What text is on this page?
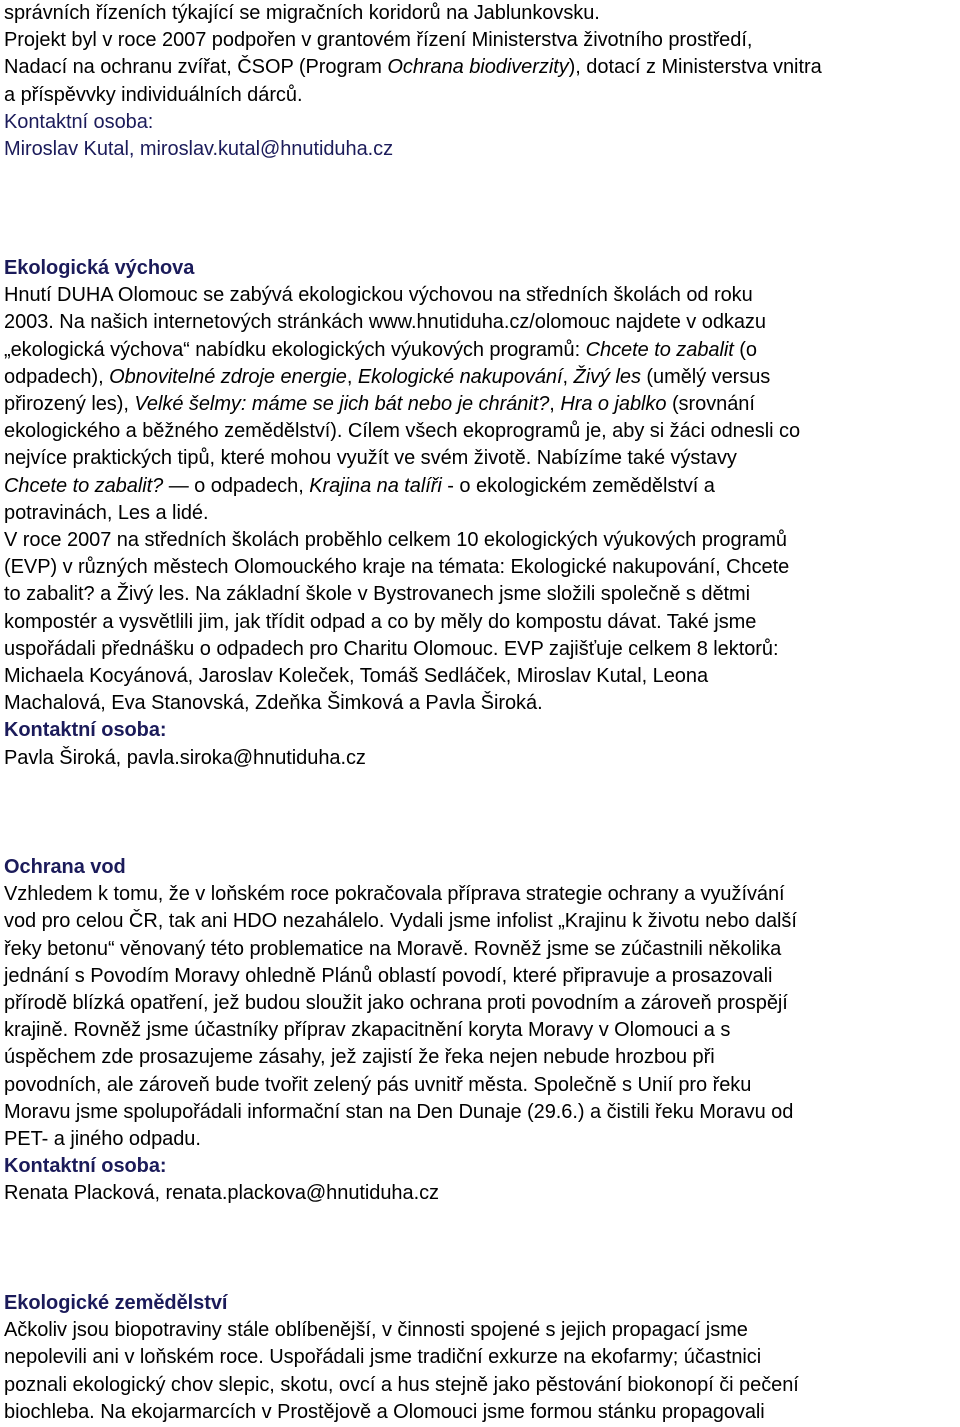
správních řízeních týkající se migračních koridorů na Jablunkovsku.

Projekt byl v roce 2007 podpořen v grantovém řízení Ministerstva životního prostředí,

Nadací na ochranu zvířat, ČSOP (Program Ochrana biodiverzity), dotací z Ministerstva vnitra

a příspěvvky individuálních dárců.

Kontaktní osoba:

Miroslav Kutal, miroslav.kutal@hnutiduha.cz

Ekologická výchova

Hnutí DUHA Olomouc se zabývá ekologickou výchovou na středních školách od roku

2003. Na našich internetových stránkách www.hnutiduha.cz/olomouc najdete v odkazu

„ekologická výchova“ nabídku ekologických výukových programů: Chcete to zabalit (o

odpadech), Obnovitelné zdroje energie, Ekologické nakupování, Živý les (umělý versus

přirozený les), Velké šelmy: máme se jich bát nebo je chránit?, Hra o jablko (srovnání

ekologického a běžného zemědělství). Cílem všech ekoprogramů je, aby si žáci odnesli co

nejvíce praktických tipů, které mohou využít ve svém životě. Nabízíme také výstavy

Chcete to zabalit? — o odpadech, Krajina na talíři - o ekologickém zemědělství a

potravinách, Les a lidé.

V roce 2007 na středních školách proběhlo celkem 10 ekologických výukových programů

(EVP) v různých městech Olomouckého kraje na témata: Ekologické nakupování, Chcete

to zabalit? a Živý les. Na základní škole v Bystrovanech jsme složili společně s dětmi

kompostér a vysvětlili jim, jak třídit odpad a co by měly do kompostu dávat. Také jsme

uspořádali přednášku o odpadech pro Charitu Olomouc. EVP zajišťuje celkem 8 lektorů:

Michaela Kocyánová, Jaroslav Koleček, Tomáš Sedláček, Miroslav Kutal, Leona

Machalová, Eva Stanovská, Zdeňka Šimková a Pavla Široká.

Kontaktní osoba:

Pavla Široká, pavla.siroka@hnutiduha.cz

Ochrana vod

Vzhledem k tomu, že v loňském roce pokračovala příprava strategie ochrany a využívání

vod pro celou ČR, tak ani HDO nezahálelo. Vydali jsme infolist „Krajinu k životu nebo další

řeky betonu“ věnovaný této problematice na Moravě. Rovněž jsme se zúčastnili několika

jednání s Povodím Moravy ohledně Plánů oblastí povodí, které připravuje a prosazovali

přírodě blízká opatření, jež budou sloužit jako ochrana proti povodním a zároveň prospějí

krajině. Rovněž jsme účastníky příprav zkapacitnění koryta Moravy v Olomouci a s

úspěchem zde prosazujeme zásahy, jež zajistí že řeka nejen nebude hrozbou při

povodních, ale zároveň bude tvořit zelený pás uvnitř města. Společně s Unií pro řeku

Moravu jsme spolupořádali informační stan na Den Dunaje (29.6.) a čistili řeku Moravu od

PET- a jiného odpadu.

Kontaktní osoba:

Renata Placková, renata.plackova@hnutiduha.cz

Ekologické zemědělství

Ačkoliv jsou biopotraviny stále oblíbenější, v činnosti spojené s jejich propagací jsme

nepolevili ani v loňském roce. Uspořádali jsme tradiční exkurze na ekofarmy; účastnici

poznali ekologický chov slepic, skotu, ovcí a hus stejně jako pěstování biokonopí či pečení

biochleba. Na ekojarmarcích v Prostějově a Olomouci jsme formou stánku propagovali
